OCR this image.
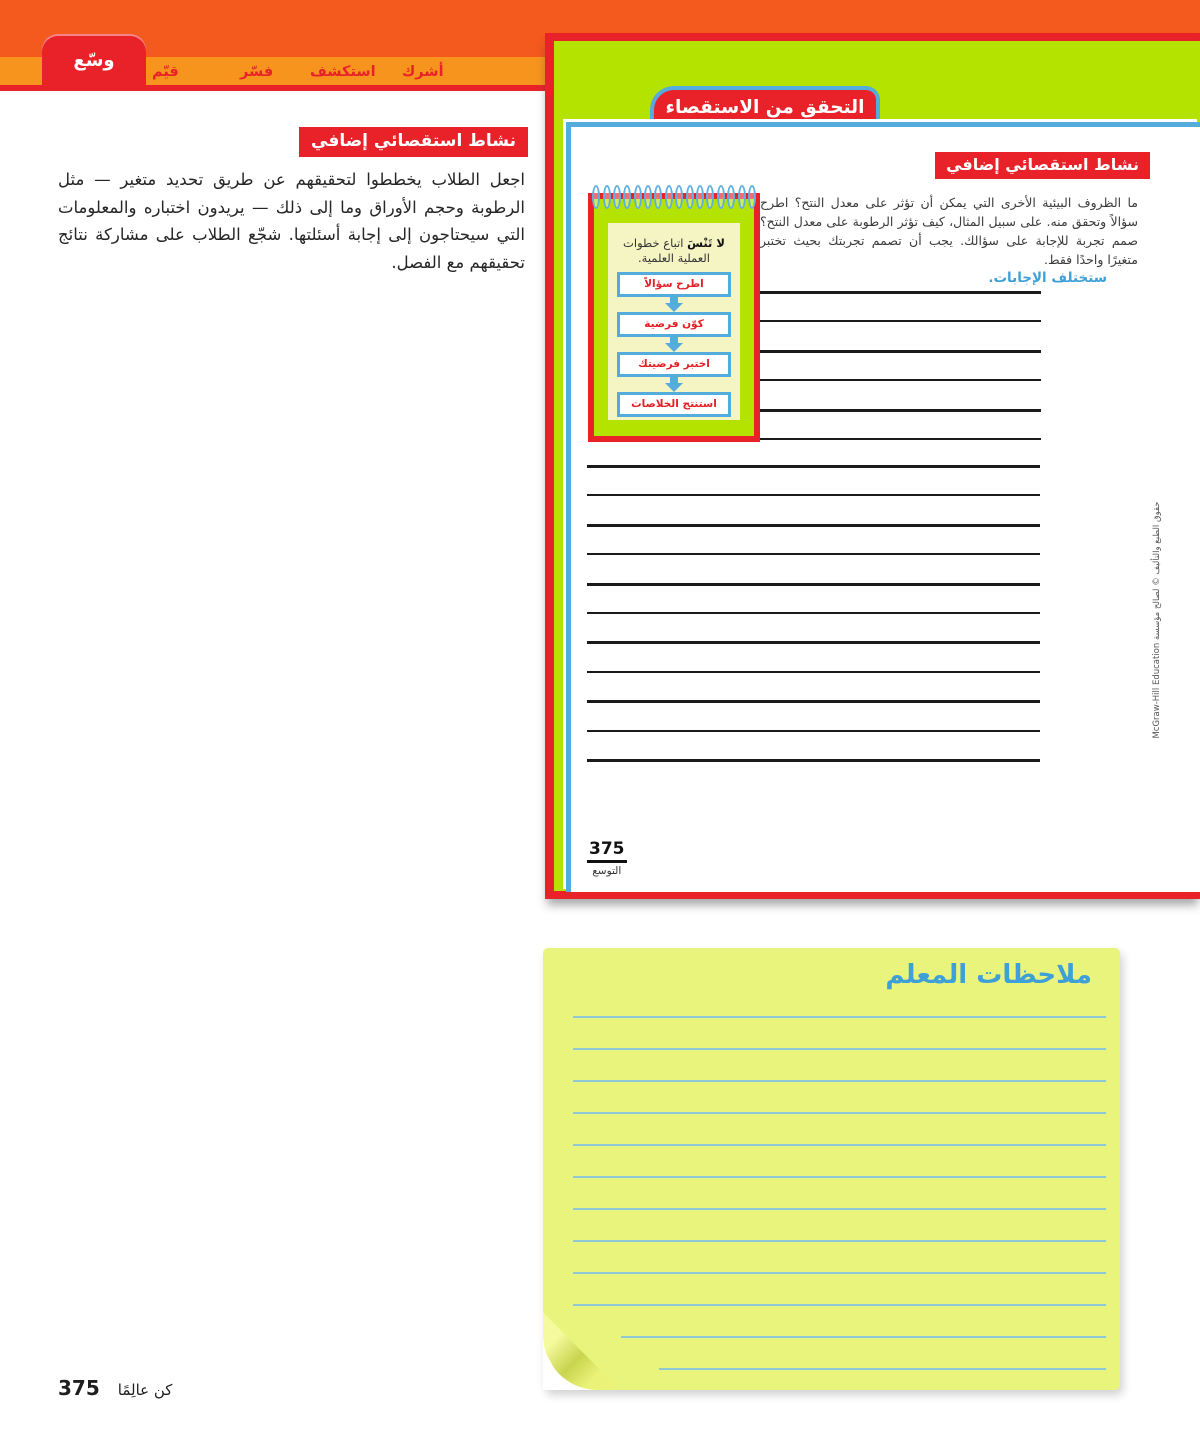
وسّع
قيّم	فسّر	استكشف أشرك
نشاط استقصائي إضافي
اجعل الطلاب يخططوا لتحقيقهم عن طريق تحديد متغير — مثل الرطوبة وحجم الأوراق وما إلى ذلك — يريدون اختباره والمعلومات التي سيحتاجون إلى إجابة أسئلتها. شجّع الطلاب على مشاركة نتائج تحقيقهم مع الفصل.
التحقق من الاستقصاء
نشاط استقصائي إضافي
ما الظروف البيئية الأخرى التي يمكن أن تؤثر على معدل النتح؟ اطرح سؤالاً وتحقق منه. على سبيل المثال، كيف تؤثر الرطوبة على معدل النتح؟ صمم تجربة للإجابة على سؤالك. يجب أن تصمم تجربتك بحيث تختبر متغيرًا واحدًا فقط.
ستختلف الإجابات.
لا تَنْسَ اتباع خطوات العملية العلمية.
اطرح سؤالاً
كوّن فرضية
اختبر فرضيتك
استنتج الخلاصات
375
التوسع
حقوق الطبع والتأليف © لصالح مؤسسة McGraw-Hill Education
ملاحظات المعلم
375 كن عالِمًا
